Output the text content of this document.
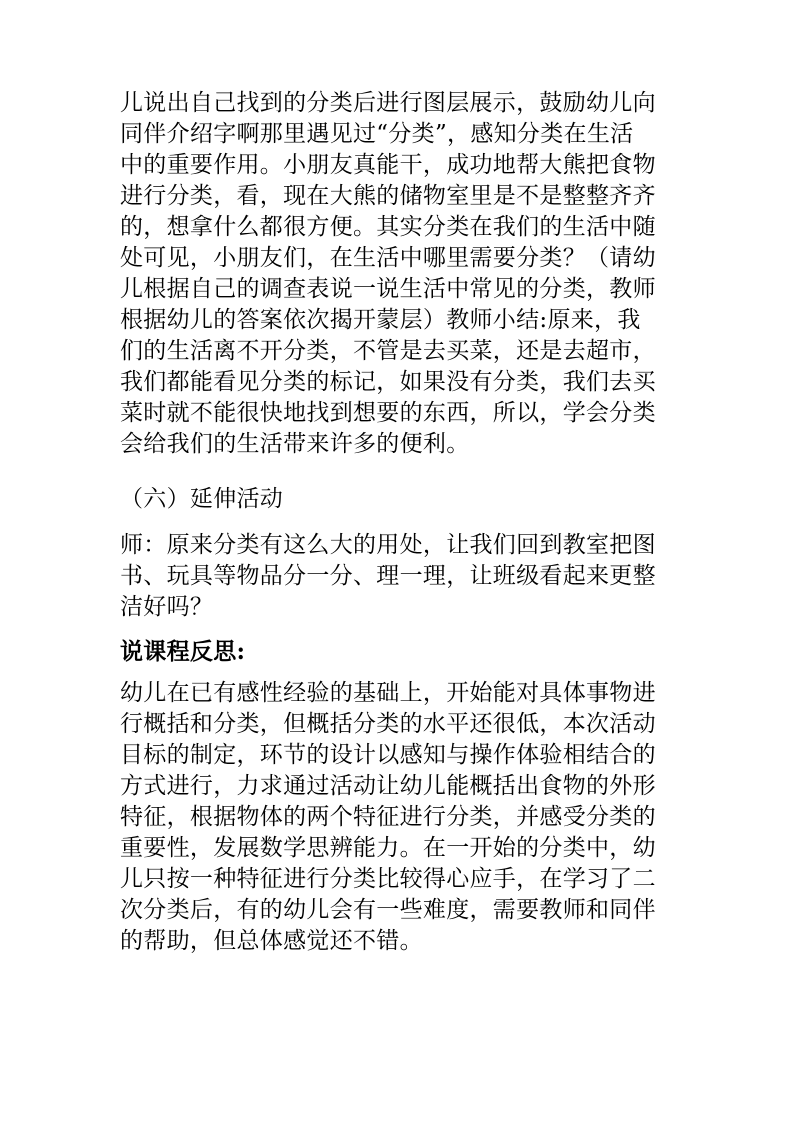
儿说出自己找到的分类后进行图层展示，鼓励幼儿向
同伴介绍字啊那里遇见过“分类”，感知分类在生活
中的重要作用。小朋友真能干，成功地帮大熊把食物
进行分类，看，现在大熊的储物室里是不是整整齐齐
的，想拿什么都很方便。其实分类在我们的生活中随
处可见，小朋友们，在生活中哪里需要分类？（请幼
儿根据自己的调查表说一说生活中常见的分类，教师
根据幼儿的答案依次揭开蒙层）教师小结:原来，我
们的生活离不开分类，不管是去买菜，还是去超市，
我们都能看见分类的标记，如果没有分类，我们去买
菜时就不能很快地找到想要的东西，所以，学会分类
会给我们的生活带来许多的便利。
（六）延伸活动
师：原来分类有这么大的用处，让我们回到教室把图
书、玩具等物品分一分、理一理，让班级看起来更整
洁好吗？
说课程反思:
幼儿在已有感性经验的基础上，开始能对具体事物进
行概括和分类，但概括分类的水平还很低，本次活动
目标的制定，环节的设计以感知与操作体验相结合的
方式进行，力求通过活动让幼儿能概括出食物的外形
特征，根据物体的两个特征进行分类，并感受分类的
重要性，发展数学思辨能力。在一开始的分类中，幼
儿只按一种特征进行分类比较得心应手，在学习了二
次分类后，有的幼儿会有一些难度，需要教师和同伴
的帮助，但总体感觉还不错。
